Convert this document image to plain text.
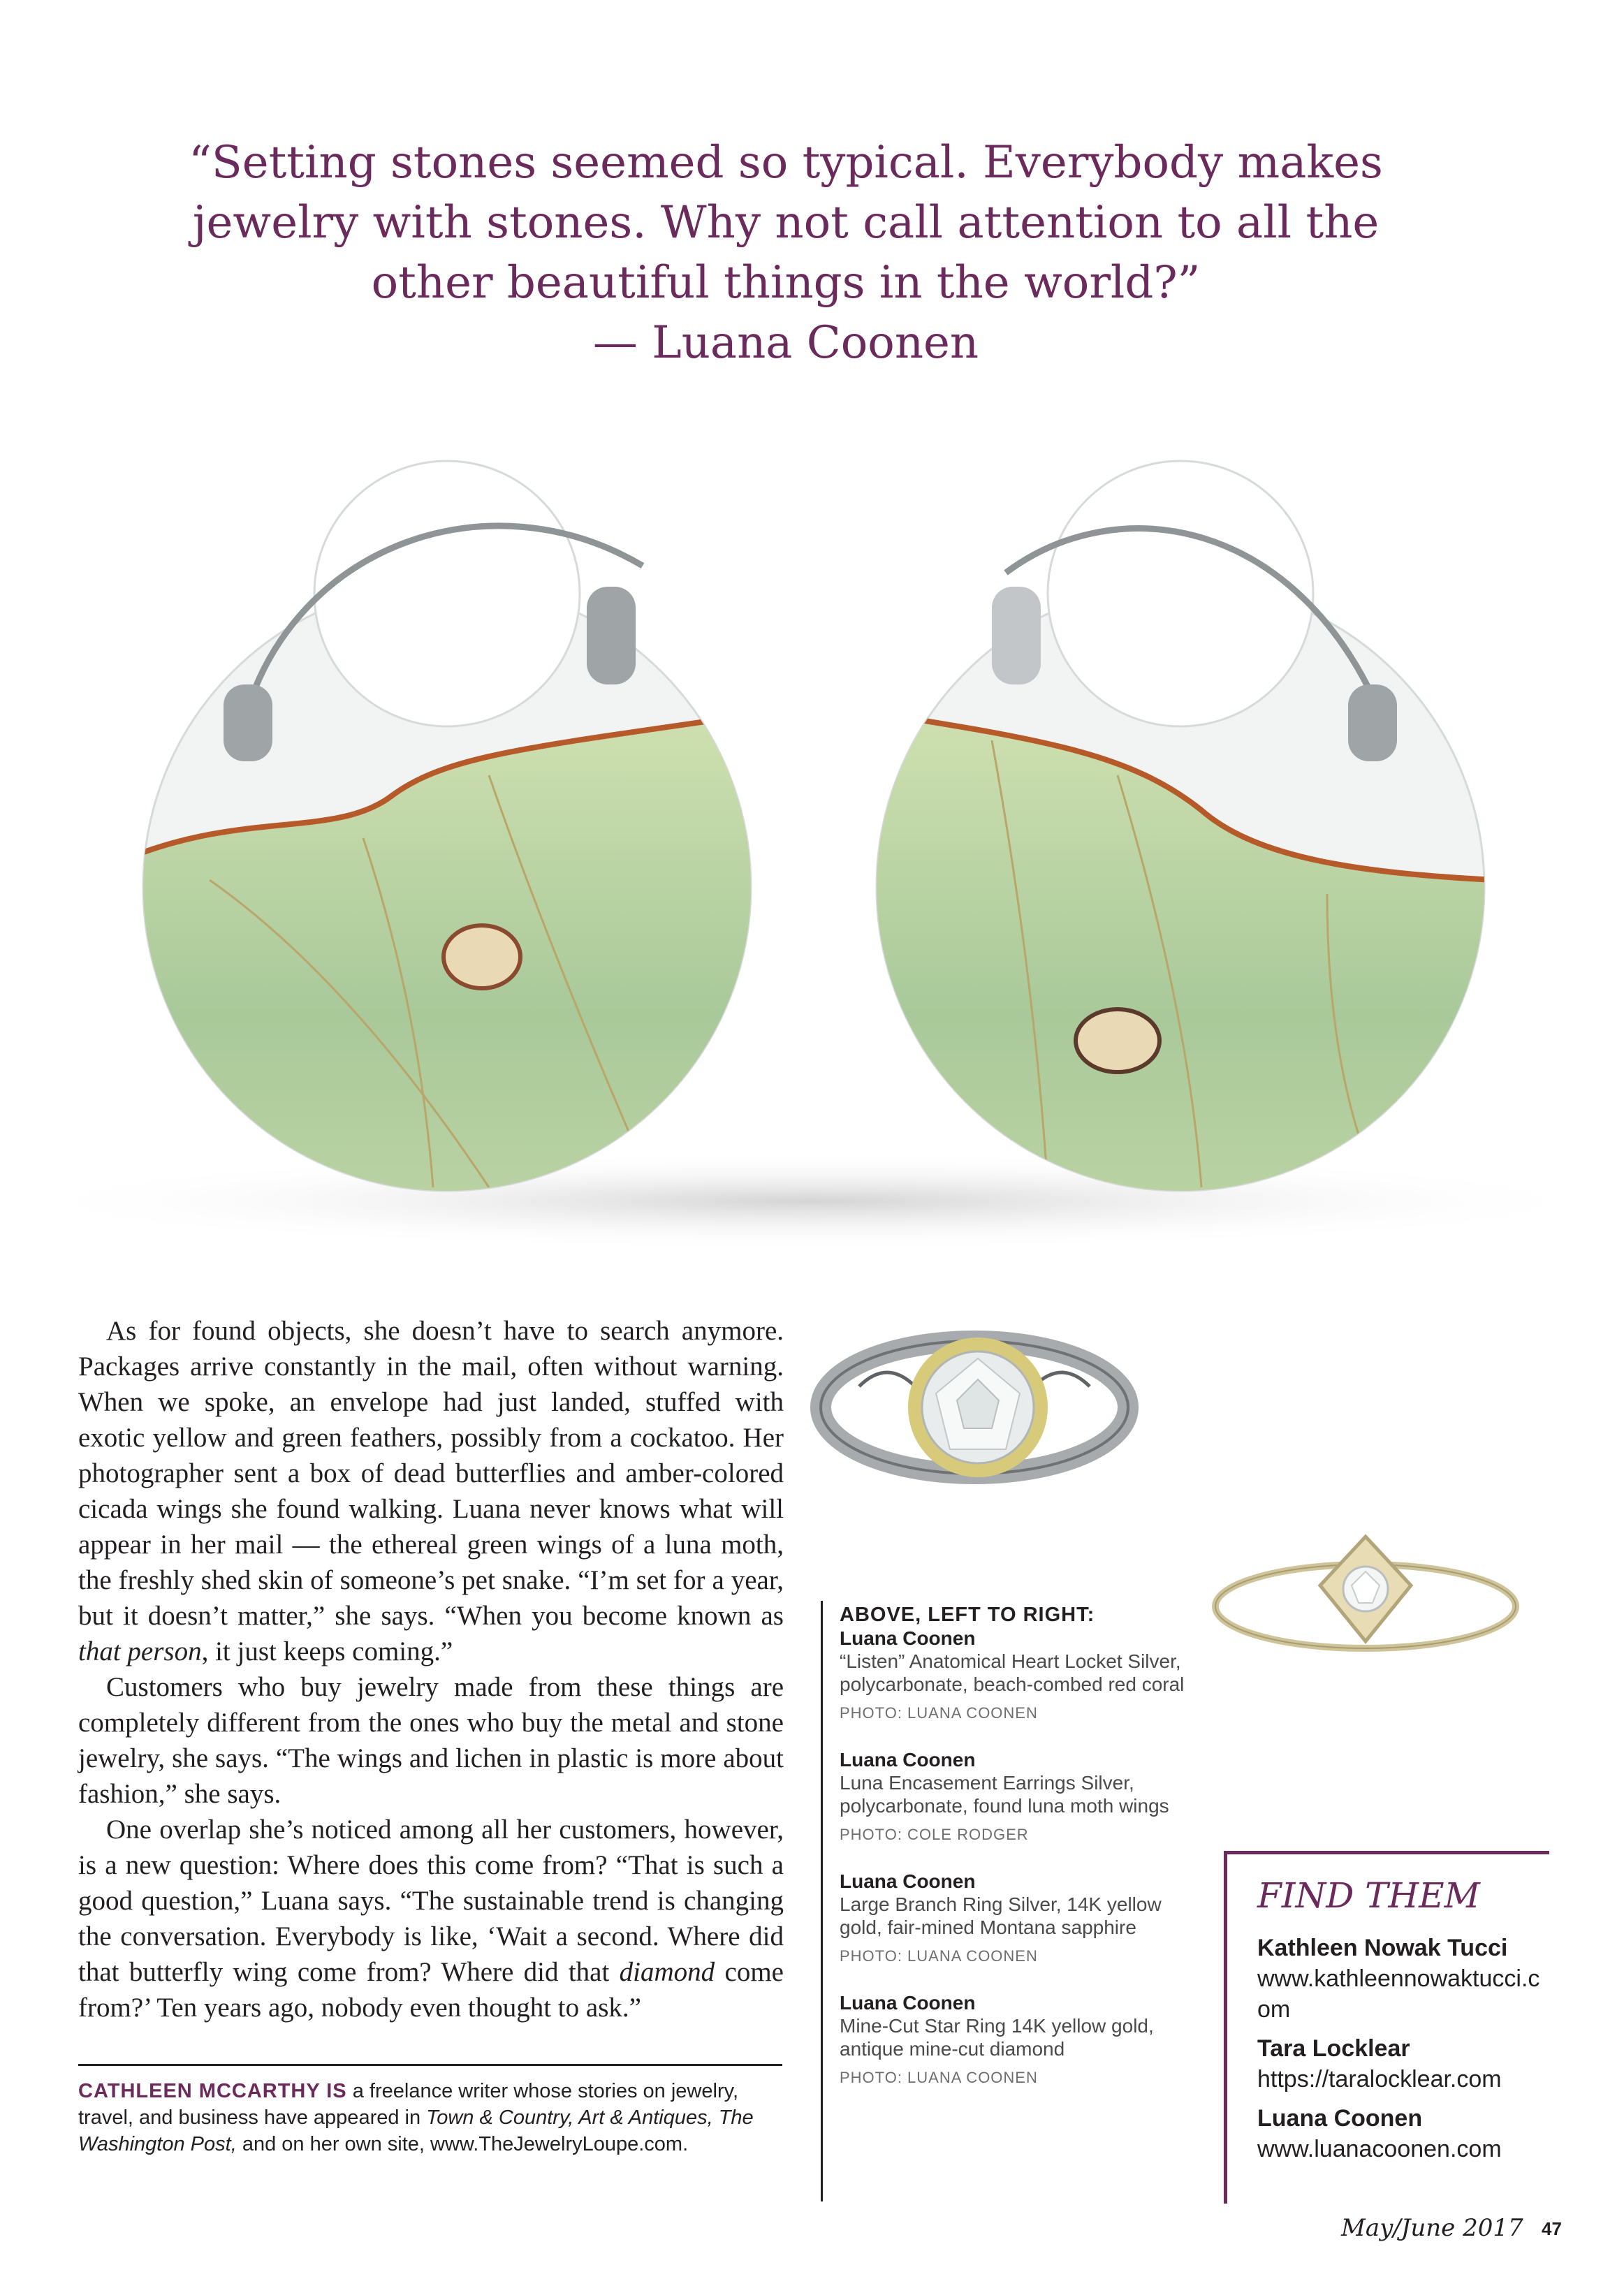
“Setting stones seemed so typical. Everybody makes

jewelry with stones. Why not call attention to all the

other beautiful things in the world?”

— Luana Coonen

As for found objects, she doesn’t have to search anymore. Packages arrive constantly in the mail, often without warning. When we spoke, an envelope had just landed, stuffed with exotic yellow and green feathers, possibly from a cockatoo. Her photographer sent a box of dead butterflies and amber-colored cicada wings she found walking. Luana never knows what will appear in her mail — the ethereal green wings of a luna moth, the freshly shed skin of someone’s pet snake. “I’m set for a year, but it doesn’t matter,” she says. “When you become known as that person, it just keeps coming.”

Customers who buy jewelry made from these things are completely different from the ones who buy the metal and stone jewelry, she says. “The wings and lichen in plastic is more about fashion,” she says.

One overlap she’s noticed among all her customers, however, is a new question: Where does this come from? “That is such a good question,” Luana says. “The sustainable trend is changing the conversation. Everybody is like, ‘Wait a second. Where did that butterfly wing come from? Where did that diamond come from?’ Ten years ago, nobody even thought to ask.”

CATHLEEN MCCARTHY IS a freelance writer whose stories on jewelry, travel, and business have appeared in Town & Country, Art & Antiques, The Washington Post, and on her own site, www.TheJewelryLoupe.com.
ABOVE, LEFT TO RIGHT:
Luana Coonen
“Listen” Anatomical Heart Locket Silver, polycarbonate, beach-combed red coral
PHOTO: LUANA COONEN
Luana Coonen
Luna Encasement Earrings Silver, polycarbonate, found luna moth wings
PHOTO: COLE RODGER
Luana Coonen
Large Branch Ring Silver, 14K yellow gold, fair-mined Montana sapphire
PHOTO: LUANA COONEN
Luana Coonen
Mine-Cut Star Ring 14K yellow gold, antique mine-cut diamond
PHOTO: LUANA COONEN
FIND THEM
Kathleen Nowak Tucci
www.kathleennowaktucci.com
Tara Locklear
https://taralocklear.com
Luana Coonen
www.luanacoonen.com
May/June 2017 47
